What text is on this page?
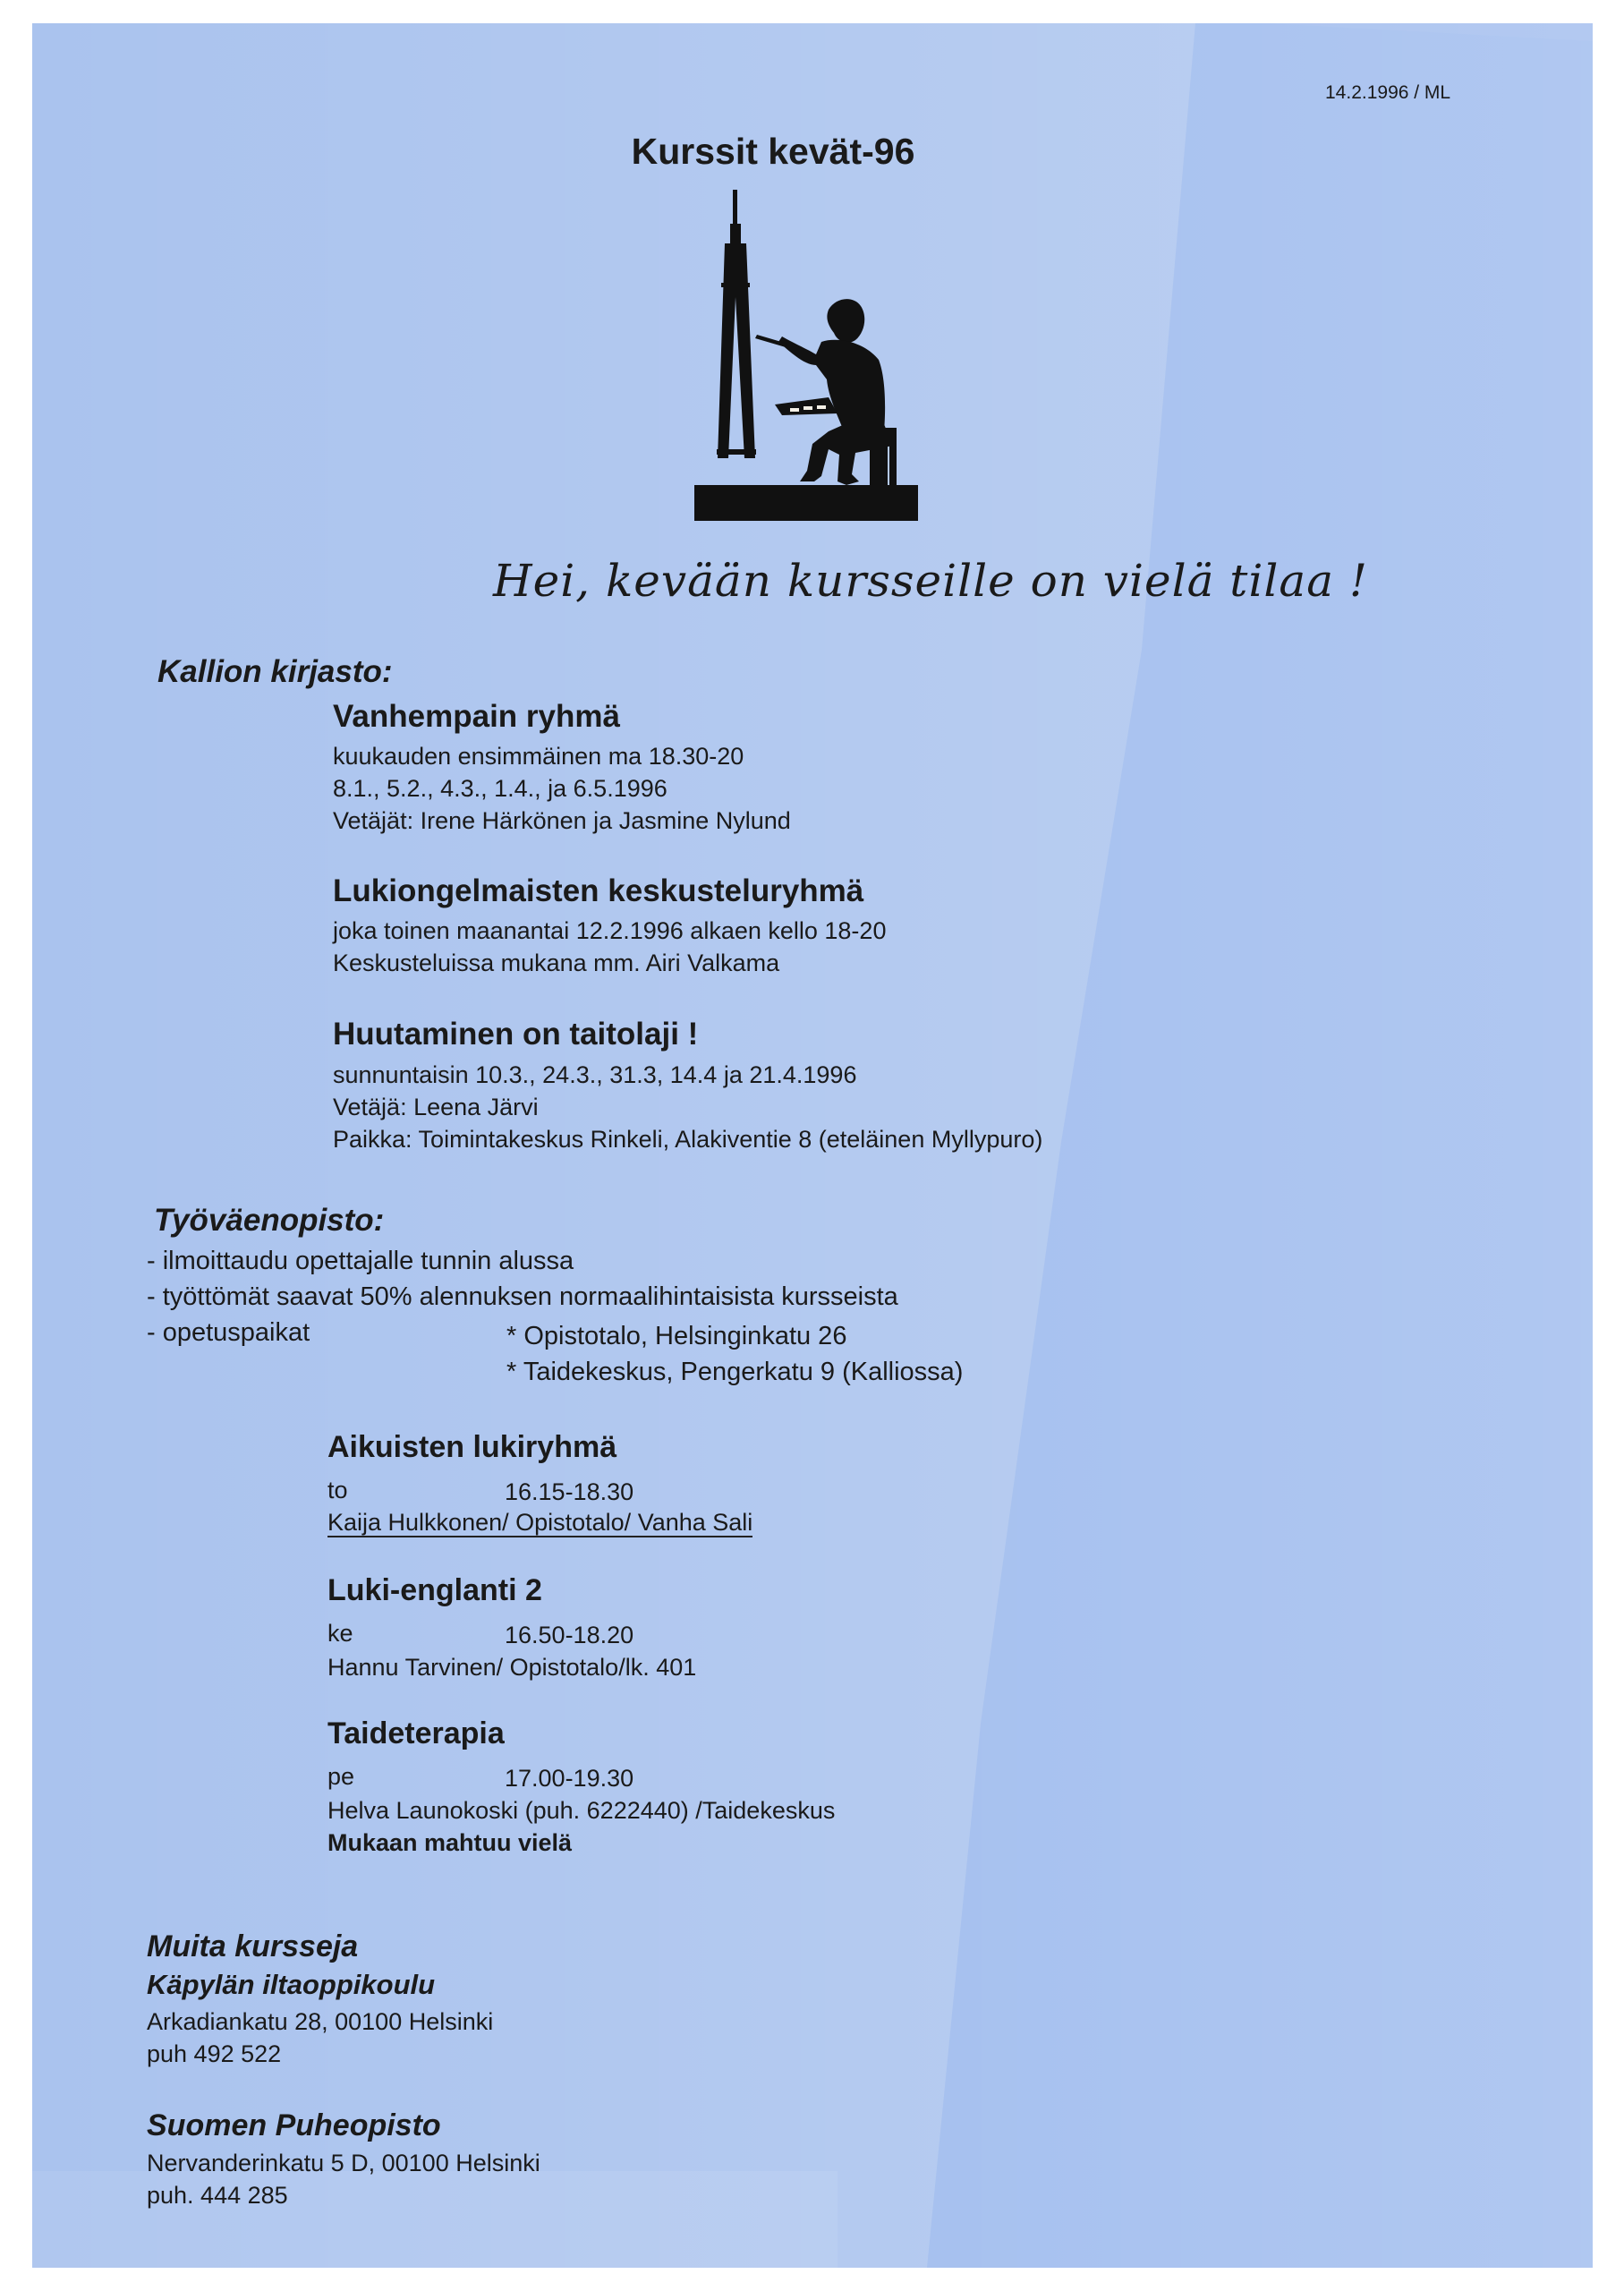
14.2.1996 / ML
Kurssit kevät-96
Hei, kevään kursseille on vielä tilaa !
Kallion kirjasto:
Vanhempain ryhmä
kuukauden ensimmäinen ma 18.30-20
8.1., 5.2., 4.3., 1.4., ja 6.5.1996
Vetäjät: Irene Härkönen ja Jasmine Nylund
Lukiongelmaisten keskusteluryhmä
joka toinen maanantai 12.2.1996 alkaen kello 18-20
Keskusteluissa mukana mm. Airi Valkama
Huutaminen on taitolaji !
sunnuntaisin 10.3., 24.3., 31.3, 14.4 ja 21.4.1996
Vetäjä: Leena Järvi
Paikka: Toimintakeskus Rinkeli, Alakiventie 8 (eteläinen Myllypuro)
Työväenopisto:
- ilmoittaudu opettajalle tunnin alussa
- työttömät saavat 50% alennuksen normaalihintaisista kursseista
- opetuspaikat	* Opistotalo, Helsinginkatu 26
* Taidekeskus, Pengerkatu 9 (Kalliossa)
Aikuisten lukiryhmä
to	16.15-18.30
Kaija Hulkkonen/ Opistotalo/ Vanha Sali
Luki-englanti 2
ke	16.50-18.20
Hannu Tarvinen/ Opistotalo/lk. 401
Taideterapia
pe	17.00-19.30
Helva Launokoski (puh. 6222440) /Taidekeskus
Mukaan mahtuu vielä
Muita kursseja
Käpylän iltaoppikoulu
Arkadiankatu 28, 00100 Helsinki
puh 492 522
Suomen Puheopisto
Nervanderinkatu 5 D, 00100 Helsinki
puh. 444 285
